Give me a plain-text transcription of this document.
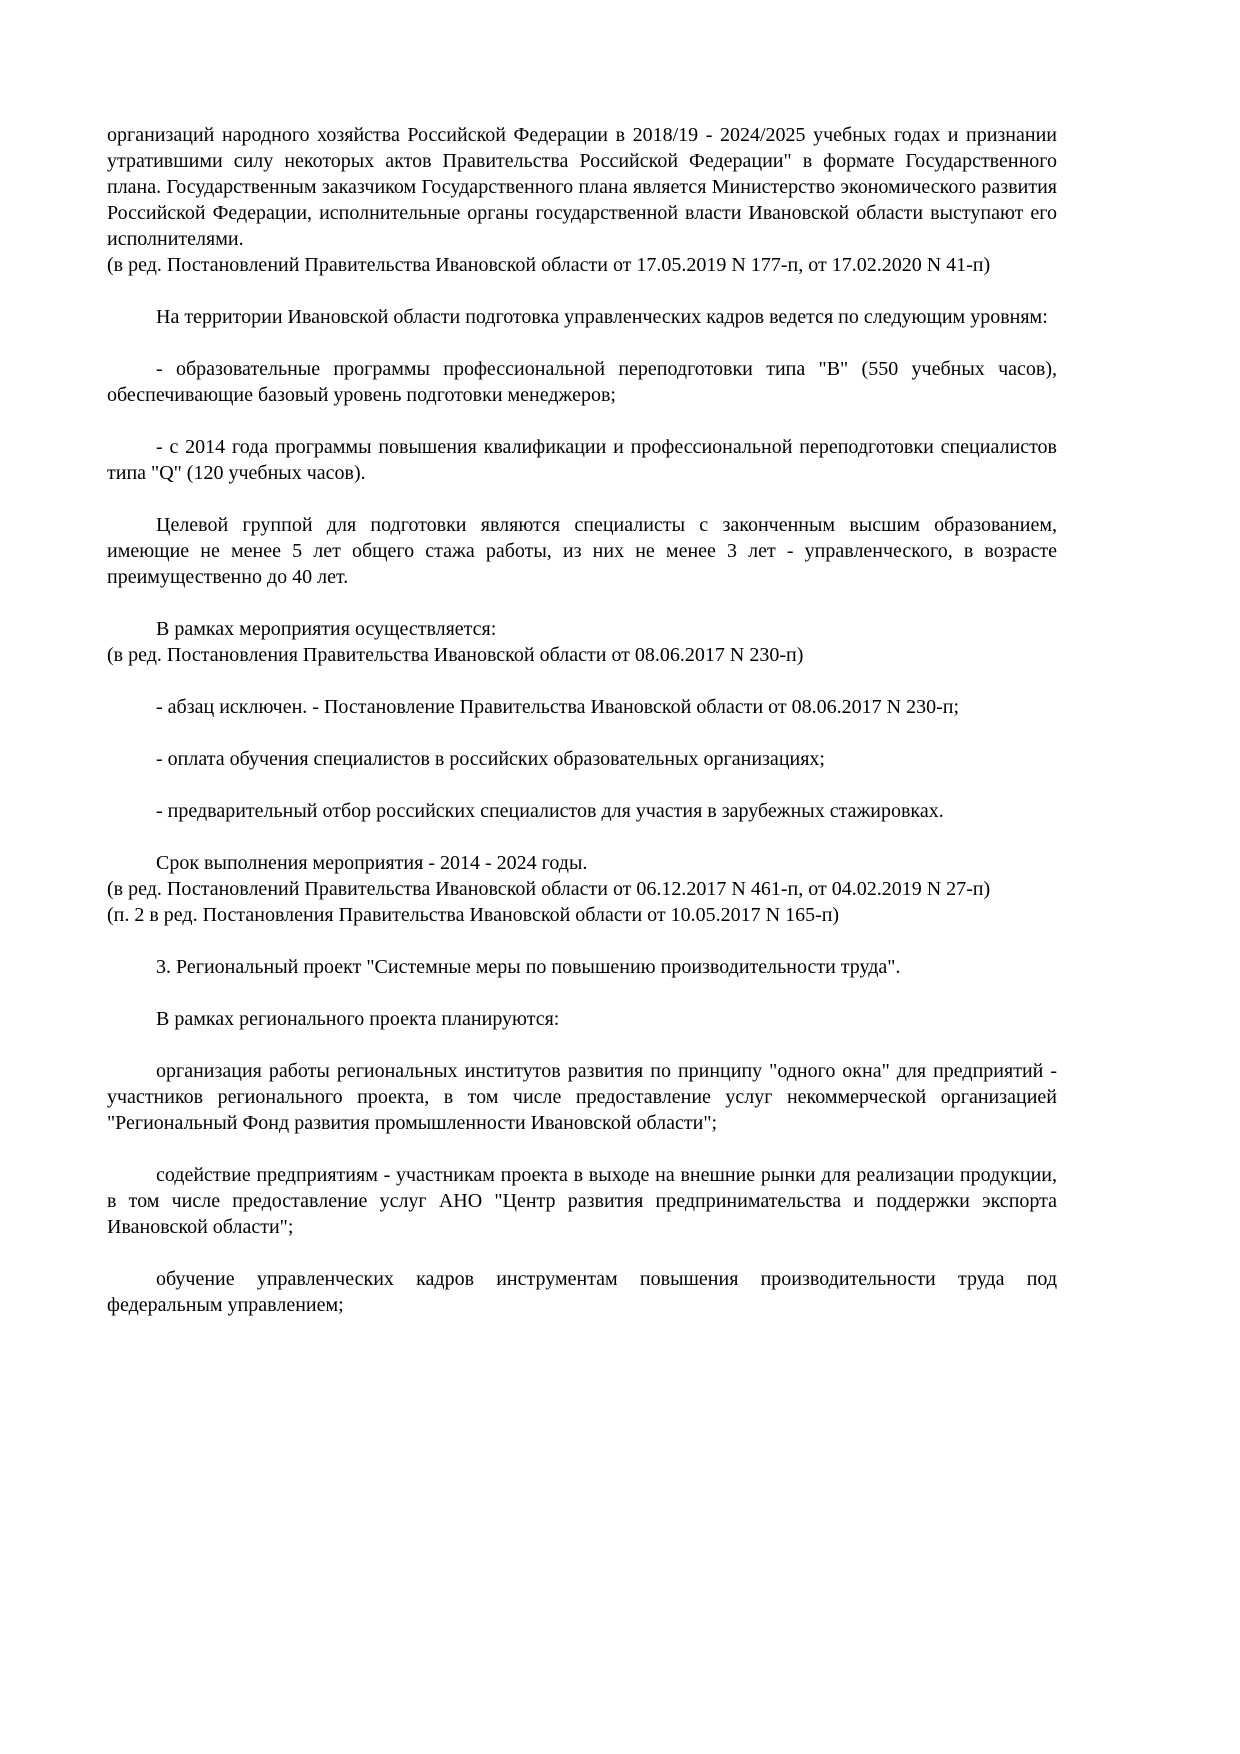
организаций народного хозяйства Российской Федерации в 2018/19 - 2024/2025 учебных годах и признании утратившими силу некоторых актов Правительства Российской Федерации" в формате Государственного плана. Государственным заказчиком Государственного плана является Министерство экономического развития Российской Федерации, исполнительные органы государственной власти Ивановской области выступают его исполнителями.

(в ред. Постановлений Правительства Ивановской области от 17.05.2019 N 177-п, от 17.02.2020 N 41-п)

На территории Ивановской области подготовка управленческих кадров ведется по следующим уровням:

- образовательные программы профессиональной переподготовки типа "B" (550 учебных часов), обеспечивающие базовый уровень подготовки менеджеров;

- с 2014 года программы повышения квалификации и профессиональной переподготовки специалистов типа "Q" (120 учебных часов).

Целевой группой для подготовки являются специалисты с законченным высшим образованием, имеющие не менее 5 лет общего стажа работы, из них не менее 3 лет - управленческого, в возрасте преимущественно до 40 лет.

В рамках мероприятия осуществляется:

(в ред. Постановления Правительства Ивановской области от 08.06.2017 N 230-п)

- абзац исключен. - Постановление Правительства Ивановской области от 08.06.2017 N 230-п;

- оплата обучения специалистов в российских образовательных организациях;

- предварительный отбор российских специалистов для участия в зарубежных стажировках.

Срок выполнения мероприятия - 2014 - 2024 годы.

(в ред. Постановлений Правительства Ивановской области от 06.12.2017 N 461-п, от 04.02.2019 N 27-п)

(п. 2 в ред. Постановления Правительства Ивановской области от 10.05.2017 N 165-п)

3. Региональный проект "Системные меры по повышению производительности труда".

В рамках регионального проекта планируются:

организация работы региональных институтов развития по принципу "одного окна" для предприятий - участников регионального проекта, в том числе предоставление услуг некоммерческой организацией "Региональный Фонд развития промышленности Ивановской области";

содействие предприятиям - участникам проекта в выходе на внешние рынки для реализации продукции, в том числе предоставление услуг АНО "Центр развития предпринимательства и поддержки экспорта Ивановской области";

обучение управленческих кадров инструментам повышения производительности труда под федеральным управлением;
